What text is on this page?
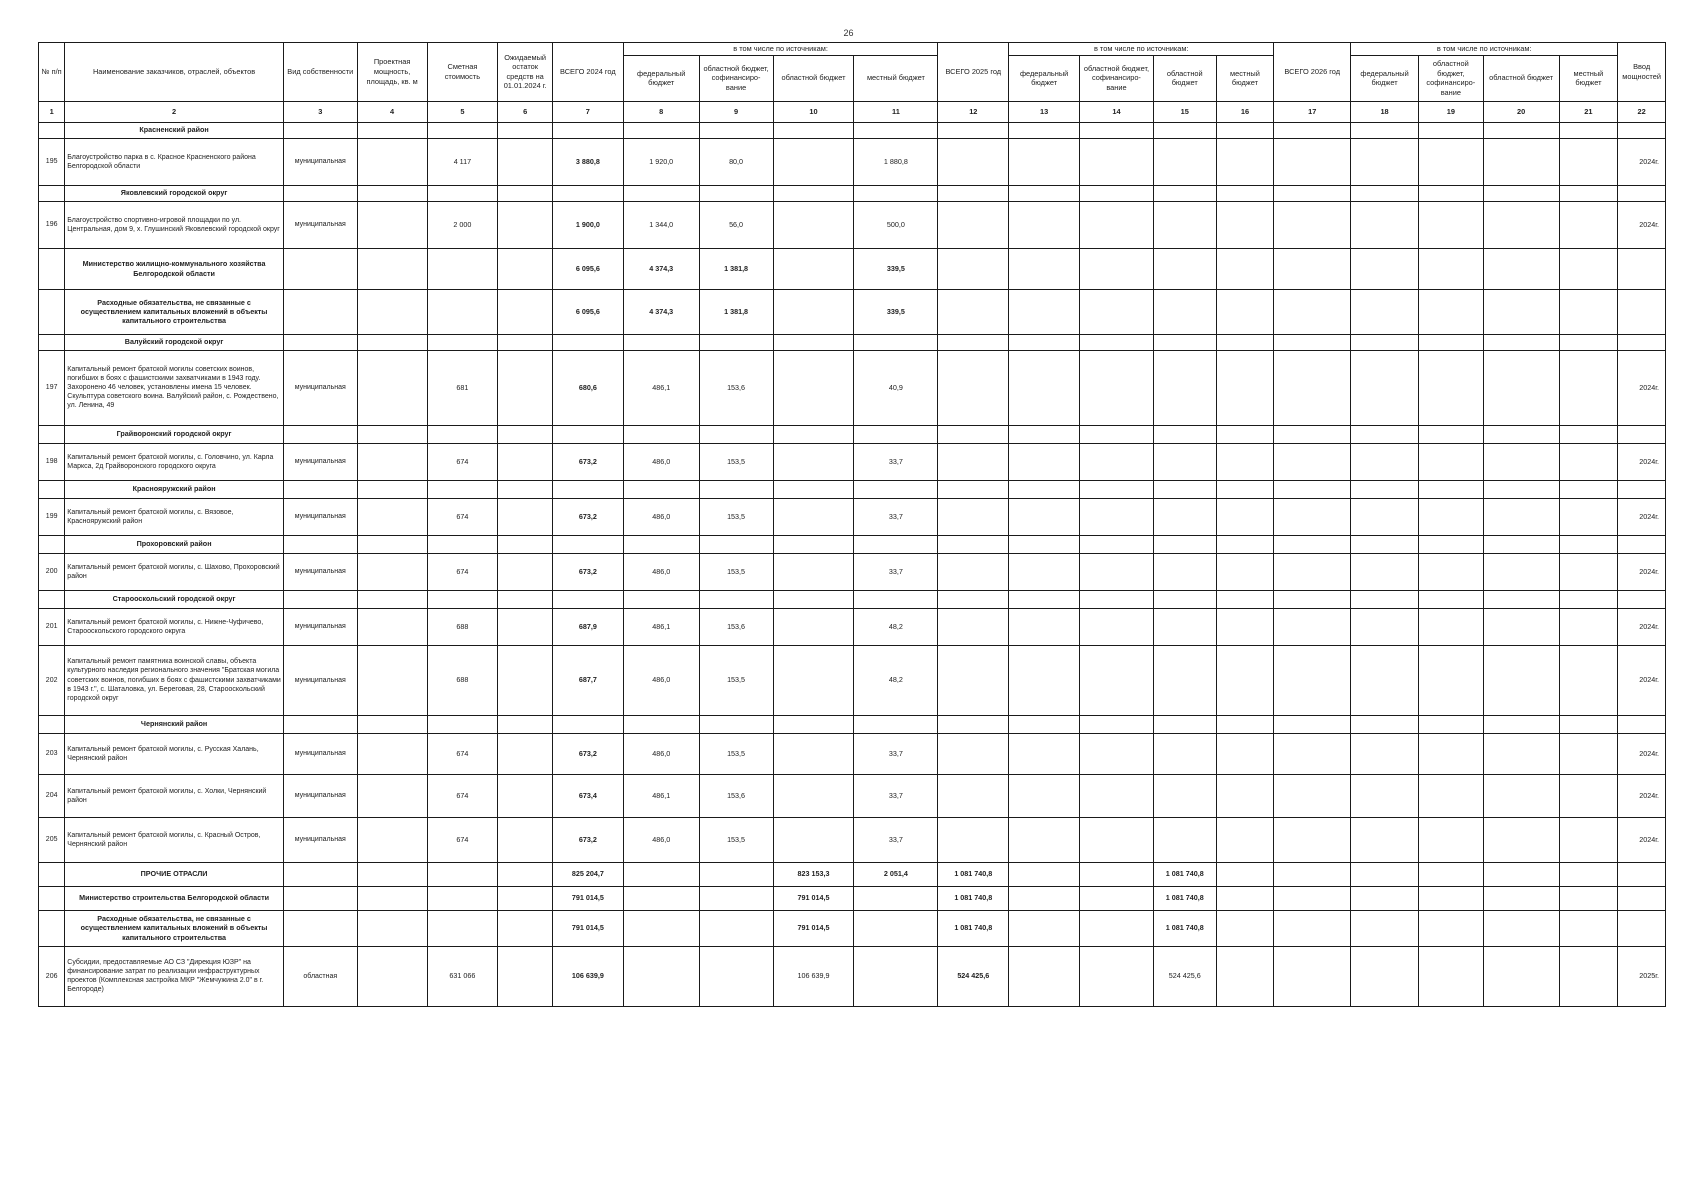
26
№ п/п	Наименование заказчиков, отраслей, объектов	Вид собственности	Проектная мощность, площадь, кв. м	Сметная стоимость	Ожидаемый остаток средств на 01.01.2024 г.	ВСЕГО 2024 год	в том числе по источникам:				ВСЕГО 2025 год	в том числе по источникам:				ВСЕГО 2026 год	в том числе по источникам:				Ввод мощностей
							федеральный бюджет	областной бюджет, софинансиро-вание	областной бюджет	местный бюджет		федеральный бюджет	областной бюджет, софинансиро-вание	областной бюджет	местный бюджет		федеральный бюджет	областной бюджет, софинансиро-вание	областной бюджет	местный бюджет	
1	2	3	4	5	6	7	8	9	10	11	12	13	14	15	16	17	18	19	20	21	22
	Красненский район																				
195	Благоустройство парка в с. Красное Красненского района Белгородской области	муниципальная		4 117		3 880,8	1 920,0	80,0		1 880,8											2024г.
	Яковлевский городской округ																				
196	Благоустройство спортивно-игровой площадки по ул. Центральная, дом 9, х. Глушинский Яковлевский городской округ	муниципальная		2 000		1 900,0	1 344,0	56,0		500,0											2024г.
	Министерство жилищно-коммунального хозяйства Белгородской области					6 095,6	4 374,3	1 381,8		339,5											
	Расходные обязательства, не связанные с осуществлением капитальных вложений в объекты капитального строительства					6 095,6	4 374,3	1 381,8		339,5											
	Валуйский городской округ																				
197	Капитальный ремонт братской могилы советских воинов, погибших в боях с фашистскими захватчиками в 1943 году. Захоронено 46 человек, установлены имена 15 человек. Скульптура советского воина. Валуйский район, с. Рождествено, ул. Ленина, 49	муниципальная		681		680,6	486,1	153,6		40,9											2024г.
	Грайворонский городской округ																				
198	Капитальный ремонт братской могилы, с. Головчино, ул. Карла Маркса, 2д Грайворонского городского округа	муниципальная		674		673,2	486,0	153,5		33,7											2024г.
	Краснояружский район																				
199	Капитальный ремонт братской могилы, с. Вязовое, Краснояружский район	муниципальная		674		673,2	486,0	153,5		33,7											2024г.
	Прохоровский район																				
200	Капитальный ремонт братской могилы, с. Шахово, Прохоровский район	муниципальная		674		673,2	486,0	153,5		33,7											2024г.
	Старооскольский городской округ																				
201	Капитальный ремонт братской могилы, с. Нижне-Чуфичево, Старооскольского городского округа	муниципальная		688		687,9	486,1	153,6		48,2											2024г.
202	Капитальный ремонт памятника воинской славы, объекта культурного наследия регионального значения "Братская могила советских воинов, погибших в боях с фашистскими захватчиками в 1943 г.", с. Шаталовка, ул. Береговая, 28, Старооскольский городской округ	муниципальная		688		687,7	486,0	153,5		48,2											2024г.
	Чернянский район																				
203	Капитальный ремонт братской могилы, с. Русская Халань, Чернянский район	муниципальная		674		673,2	486,0	153,5		33,7											2024г.
204	Капитальный ремонт братской могилы, с. Холки, Чернянский район	муниципальная		674		673,4	486,1	153,6		33,7											2024г.
205	Капитальный ремонт братской могилы, с. Красный Остров, Чернянский район	муниципальная		674		673,2	486,0	153,5		33,7											2024г.
	ПРОЧИЕ ОТРАСЛИ					825 204,7			823 153,3	2 051,4	1 081 740,8			1 081 740,8							
	Министерство строительства Белгородской области					791 014,5			791 014,5		1 081 740,8			1 081 740,8							
	Расходные обязательства, не связанные с осуществлением капитальных вложений в объекты капитального строительства					791 014,5			791 014,5		1 081 740,8			1 081 740,8							
206	Субсидии, предоставляемые АО СЗ "Дирекция ЮЗР" на финансирование затрат по реализации инфраструктурных проектов (Комплексная застройка МКР "Жемчужина 2.0" в г. Белгороде)	областная		631 066		106 639,9			106 639,9		524 425,6			524 425,6							2025г.
